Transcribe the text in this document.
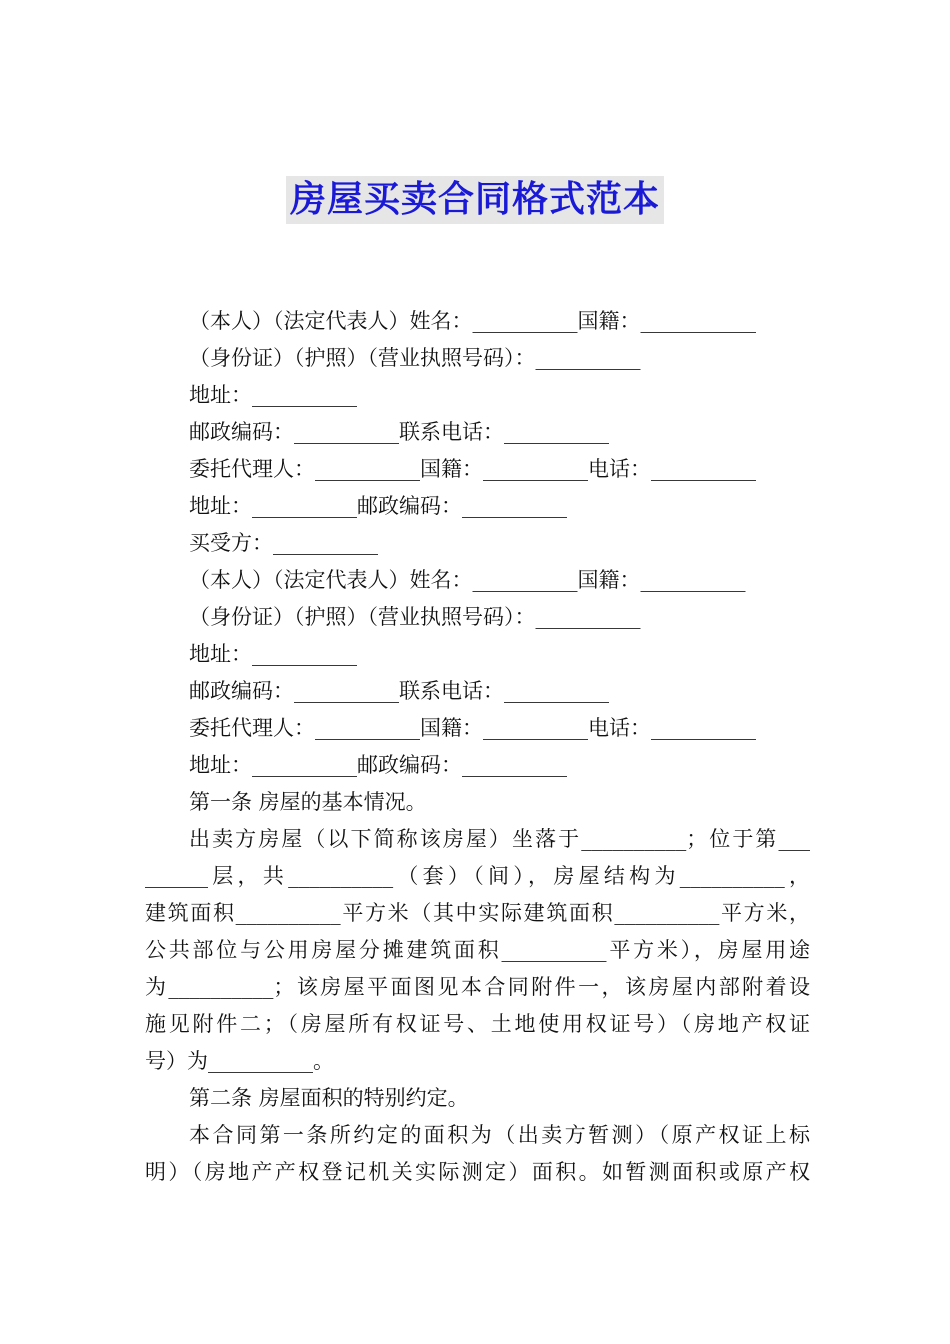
房屋买卖合同格式范本
（本人）（法定代表人）姓名：__________国籍：___________
（身份证）（护照）（营业执照号码）：__________
地址：__________
邮政编码：__________联系电话：__________
委托代理人：__________国籍：__________电话：__________
地址：__________邮政编码：__________
买受方：__________
（本人）（法定代表人）姓名：__________国籍：__________
（身份证）（护照）（营业执照号码）：__________
地址：__________
邮政编码：__________联系电话：__________
委托代理人：__________国籍：__________电话：__________
地址：__________邮政编码：__________
第一条 房屋的基本情况。
出卖方房屋（以下简称该房屋）坐落于__________；位于第___
______层，共__________（套）（间），房屋结构为__________，
建筑面积__________平方米（其中实际建筑面积__________平方米，
公共部位与公用房屋分摊建筑面积__________平方米），房屋用途
为__________；该房屋平面图见本合同附件一，该房屋内部附着设
施见附件二；（房屋所有权证号、土地使用权证号）（房地产权证
号）为__________。
第二条 房屋面积的特别约定。
本合同第一条所约定的面积为（出卖方暂测）（原产权证上标
明）（房地产产权登记机关实际测定）面积。如暂测面积或原产权
